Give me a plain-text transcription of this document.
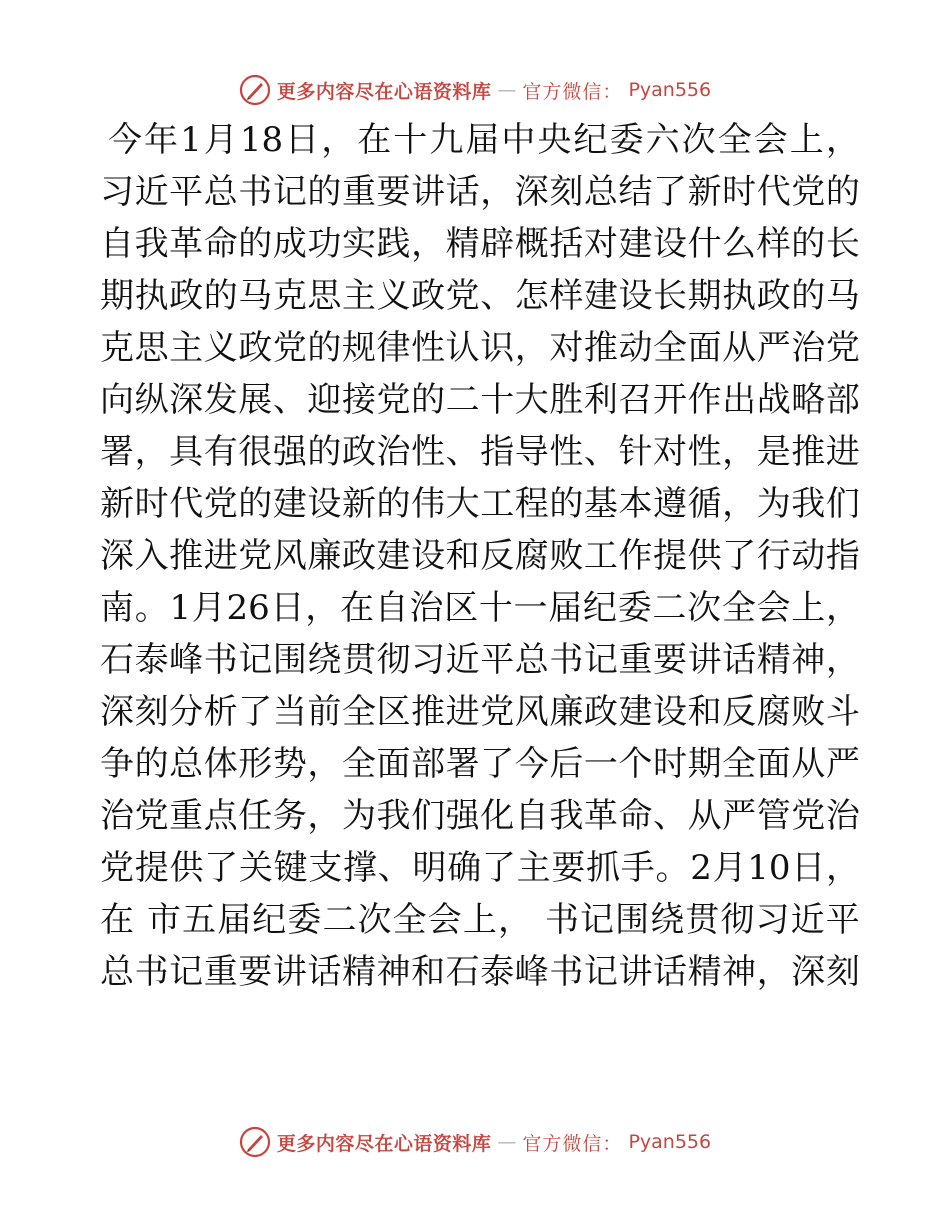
更多内容尽在心语资料库 — 官方微信： Pyan556
今 年 1 月 18 日 ， 在 十 九 届 中 央 纪 委 六 次 全 会 上 ，
习 近 平 总 书 记 的 重 要 讲 话 ， 深 刻 总 结 了 新 时 代 党 的
自 我 革 命 的 成 功 实 践 ， 精 辟 概 括 对 建 设 什 么 样 的 长
期 执 政 的 马 克 思 主 义 政 党 、 怎 样 建 设 长 期 执 政 的 马
克 思 主 义 政 党 的 规 律 性 认 识 ， 对 推 动 全 面 从 严 治 党
向 纵 深 发 展 、 迎 接 党 的 二 十 大 胜 利 召 开 作 出 战 略 部
署 ， 具 有 很 强 的 政 治 性 、 指 导 性 、 针 对 性 ， 是 推 进
新 时 代 党 的 建 设 新 的 伟 大 工 程 的 基 本 遵 循 ， 为 我 们
深 入 推 进 党 风 廉 政 建 设 和 反 腐 败 工 作 提 供 了 行 动 指
南 。 1 月 26 日 ， 在 自 治 区 十 一 届 纪 委 二 次 全 会 上 ，
石 泰 峰 书 记 围 绕 贯 彻 习 近 平 总 书 记 重 要 讲 话 精 神 ，
深 刻 分 析 了 当 前 全 区 推 进 党 风 廉 政 建 设 和 反 腐 败 斗
争 的 总 体 形 势 ， 全 面 部 署 了 今 后 一 个 时 期 全 面 从 严
治 党 重 点 任 务 ， 为 我 们 强 化 自 我 革 命 、 从 严 管 党 治
党 提 供 了 关 键 支 撑 、 明 确 了 主 要 抓 手 。 2 月 10 日 ，
在
市 五 届 纪 委 二 次 全 会 上 ，
书 记 围 绕 贯 彻 习 近 平
总 书 记 重 要 讲 话 精 神 和 石 泰 峰 书 记 讲 话 精 神 ， 深 刻
更多内容尽在心语资料库 — 官方微信： Pyan556
